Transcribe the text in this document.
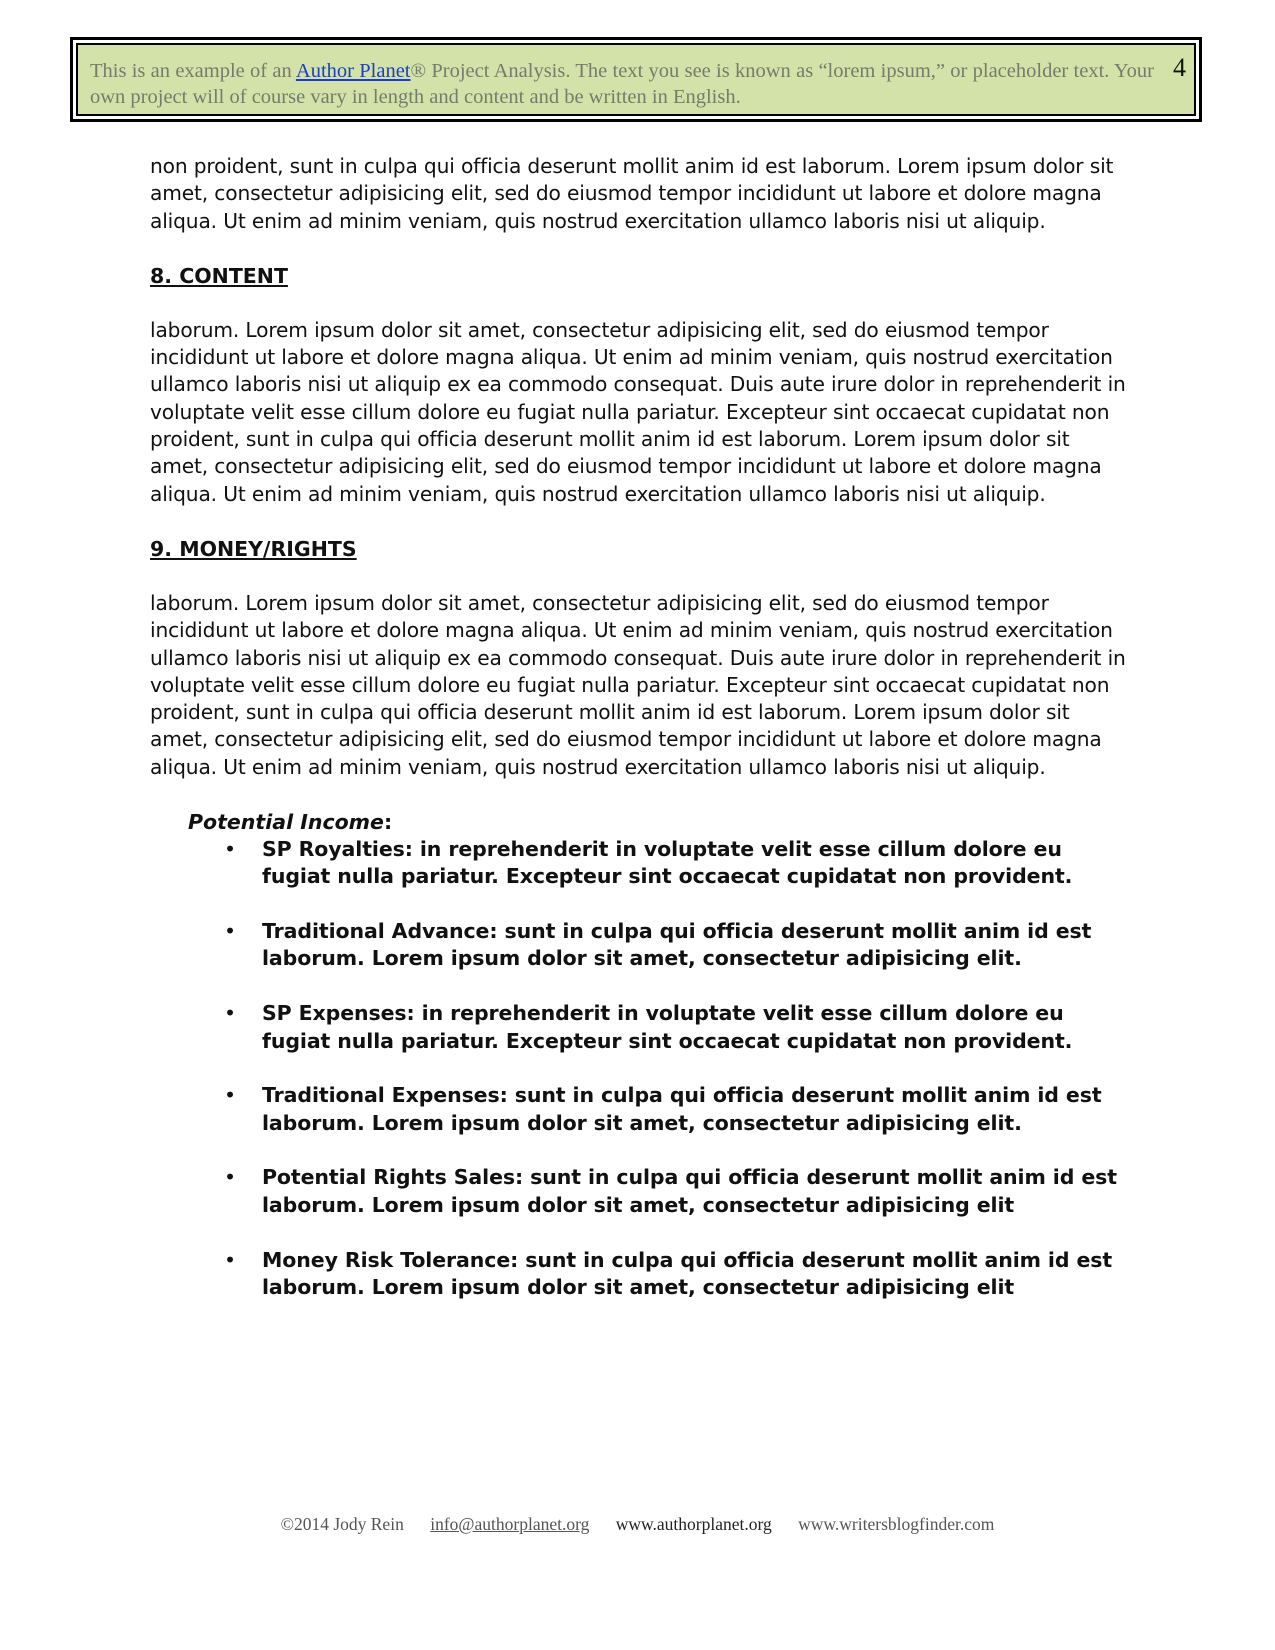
This is an example of an Author Planet® Project Analysis. The text you see is known as “lorem ipsum,” or placeholder text. Your own project will of course vary in length and content and be written in English.

4

non proident, sunt in culpa qui officia deserunt mollit anim id est laborum. Lorem ipsum dolor sit amet, consectetur adipisicing elit, sed do eiusmod tempor incididunt ut labore et dolore magna aliqua. Ut enim ad minim veniam, quis nostrud exercitation ullamco laboris nisi ut aliquip.

8. CONTENT

laborum. Lorem ipsum dolor sit amet, consectetur adipisicing elit, sed do eiusmod tempor incididunt ut labore et dolore magna aliqua. Ut enim ad minim veniam, quis nostrud exercitation ullamco laboris nisi ut aliquip ex ea commodo consequat. Duis aute irure dolor in reprehenderit in voluptate velit esse cillum dolore eu fugiat nulla pariatur. Excepteur sint occaecat cupidatat non proident, sunt in culpa qui officia deserunt mollit anim id est laborum. Lorem ipsum dolor sit amet, consectetur adipisicing elit, sed do eiusmod tempor incididunt ut labore et dolore magna aliqua. Ut enim ad minim veniam, quis nostrud exercitation ullamco laboris nisi ut aliquip.

9. MONEY/RIGHTS

laborum. Lorem ipsum dolor sit amet, consectetur adipisicing elit, sed do eiusmod tempor incididunt ut labore et dolore magna aliqua. Ut enim ad minim veniam, quis nostrud exercitation ullamco laboris nisi ut aliquip ex ea commodo consequat. Duis aute irure dolor in reprehenderit in voluptate velit esse cillum dolore eu fugiat nulla pariatur. Excepteur sint occaecat cupidatat non proident, sunt in culpa qui officia deserunt mollit anim id est laborum. Lorem ipsum dolor sit amet, consectetur adipisicing elit, sed do eiusmod tempor incididunt ut labore et dolore magna aliqua. Ut enim ad minim veniam, quis nostrud exercitation ullamco laboris nisi ut aliquip.

Potential Income:
• SP Royalties: in reprehenderit in voluptate velit esse cillum dolore eu fugiat nulla pariatur. Excepteur sint occaecat cupidatat non provident.
• Traditional Advance: sunt in culpa qui officia deserunt mollit anim id est laborum. Lorem ipsum dolor sit amet, consectetur adipisicing elit.
• SP Expenses: in reprehenderit in voluptate velit esse cillum dolore eu fugiat nulla pariatur. Excepteur sint occaecat cupidatat non provident.
• Traditional Expenses: sunt in culpa qui officia deserunt mollit anim id est laborum. Lorem ipsum dolor sit amet, consectetur adipisicing elit.
• Potential Rights Sales: sunt in culpa qui officia deserunt mollit anim id est laborum. Lorem ipsum dolor sit amet, consectetur adipisicing elit
• Money Risk Tolerance: sunt in culpa qui officia deserunt mollit anim id est laborum. Lorem ipsum dolor sit amet, consectetur adipisicing elit
©2014 Jody Rein info@authorplanet.org www.authorplanet.org www.writersblogfinder.com
